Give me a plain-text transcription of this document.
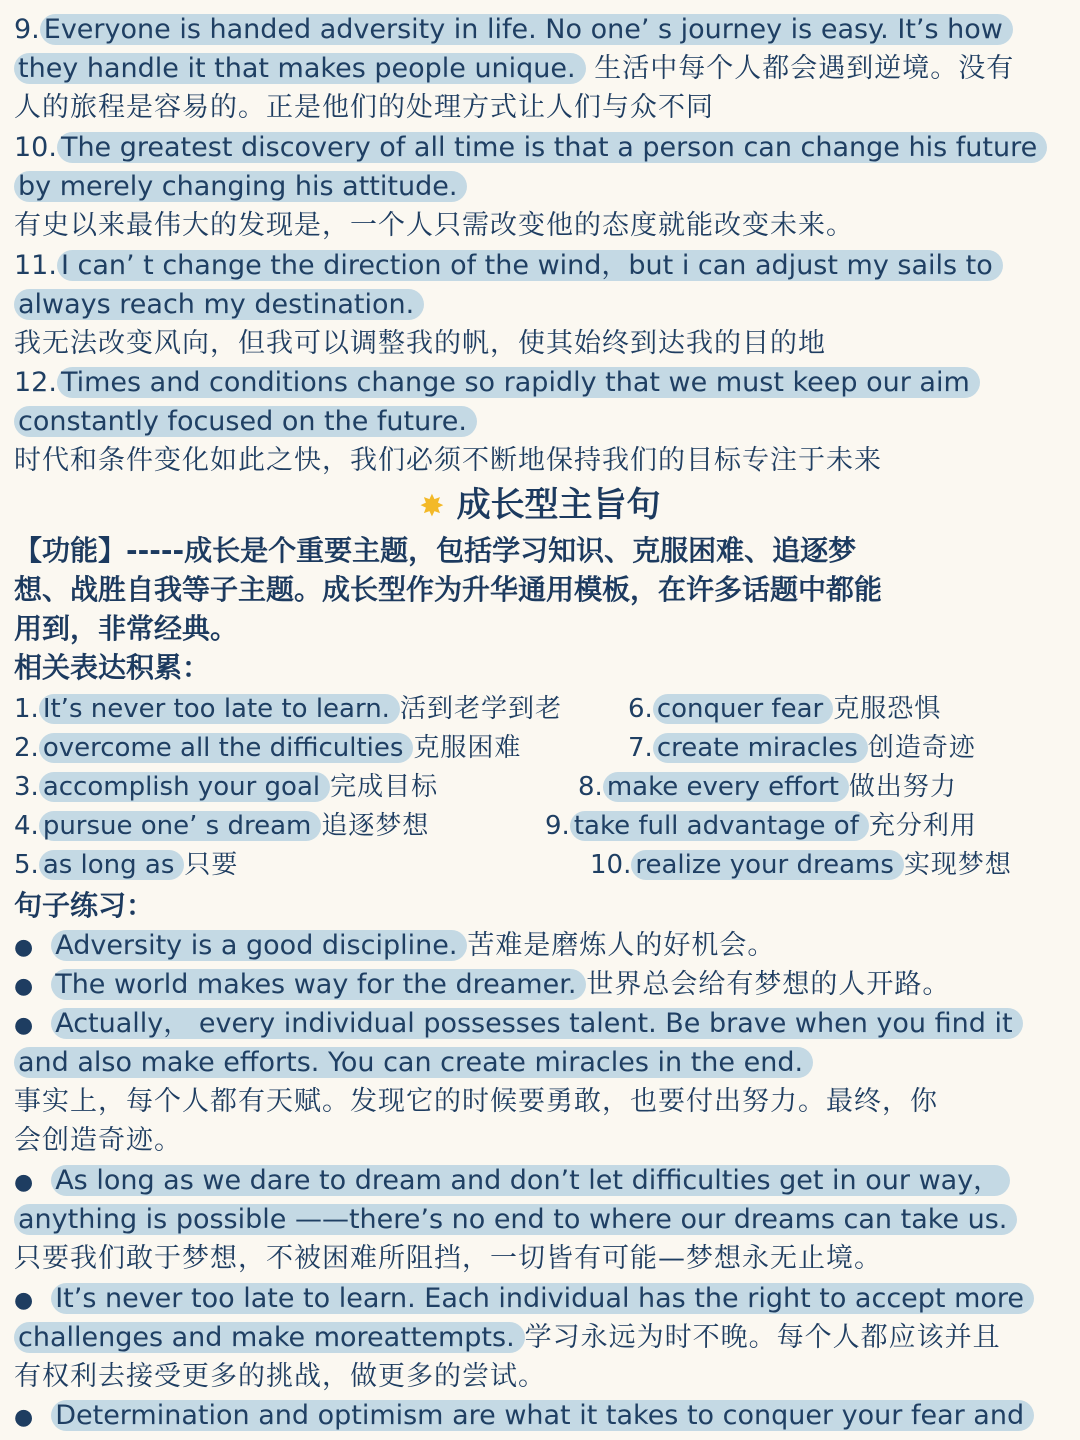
9. Everyone is handed adversity in life. No one’ s journey is easy. It’s how
they handle it that makes people unique. 生活中每个人都会遇到逆境。没有
人的旅程是容易的。正是他们的处理方式让人们与众不同
10. The greatest discovery of all time is that a person can change his future
by merely changing his attitude.
有史以来最伟大的发现是，一个人只需改变他的态度就能改变未来。
11. I can’ t change the direction of the wind，but i can adjust my sails to
always reach my destination.
我无法改变风向，但我可以调整我的帆，使其始终到达我的目的地
12. Times and conditions change so rapidly that we must keep our aim
constantly focused on the future.
时代和条件变化如此之快，我们必须不断地保持我们的目标专注于未来
✸ 成长型主旨句
【功能】-----成长是个重要主题，包括学习知识、克服困难、追逐梦
想、战胜自我等子主题。成长型作为升华通用模板，在许多话题中都能
用到，非常经典。
相关表达积累：
1. It’s never too late to learn. 活到老学到老
2. overcome all the difficulties 克服困难
3. accomplish your goal 完成目标
4. pursue one’ s dream 追逐梦想
5. as long as 只要
6. conquer fear 克服恐惧
7. create miracles 创造奇迹
8. make every effort 做出努力
9. take full advantage of 充分利用
10. realize your dreams 实现梦想
句子练习：
● Adversity is a good discipline. 苦难是磨炼人的好机会。
● The world makes way for the dreamer. 世界总会给有梦想的人开路。
● Actually， every individual possesses talent. Be brave when you find it
and also make efforts. You can create miracles in the end.
事实上，每个人都有天赋。发现它的时候要勇敢，也要付出努力。最终，你
会创造奇迹。
● As long as we dare to dream and don’t let difficulties get in our way，
anything is possible ——there’s no end to where our dreams can take us.
只要我们敢于梦想，不被困难所阻挡，一切皆有可能—梦想永无止境。
● It’s never too late to learn. Each individual has the right to accept more
challenges and make moreattempts. 学习永远为时不晚。每个人都应该并且
有权利去接受更多的挑战，做更多的尝试。
● Determination and optimism are what it takes to conquer your fear and
